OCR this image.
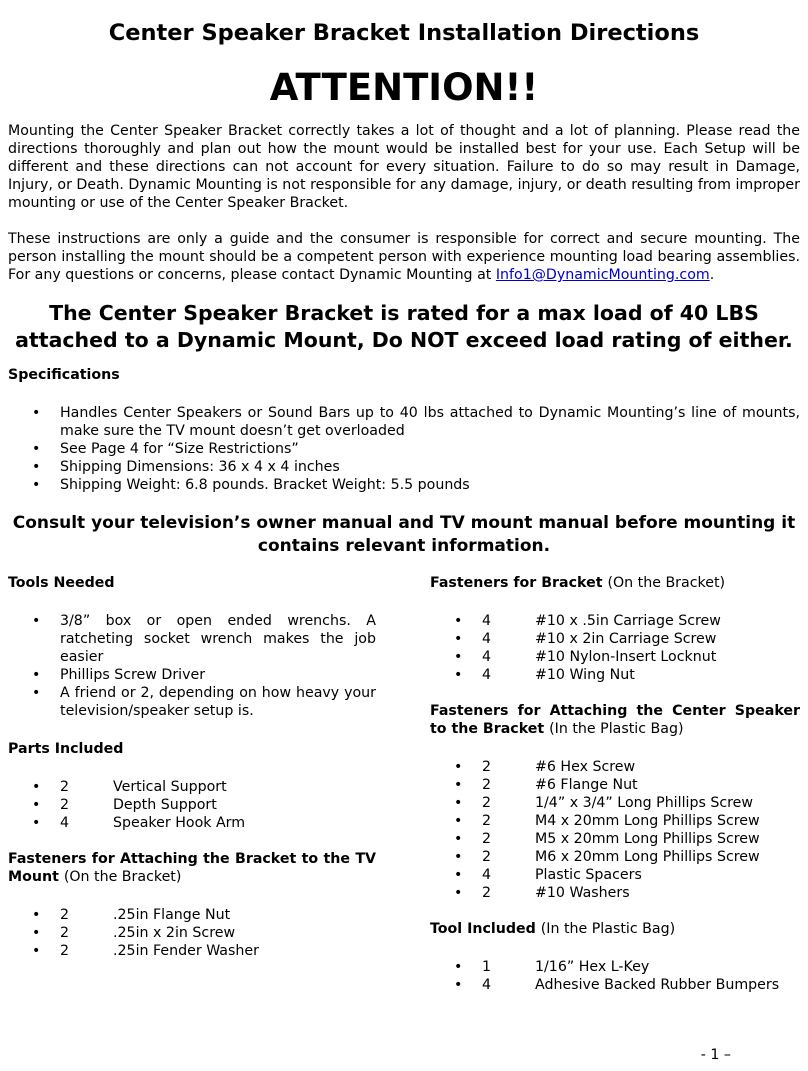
Center Speaker Bracket Installation Directions
ATTENTION!!

Mounting the Center Speaker Bracket correctly takes a lot of thought and a lot of planning. Please read the directions thoroughly and plan out how the mount would be installed best for your use. Each Setup will be different and these directions can not account for every situation. Failure to do so may result in Damage, Injury, or Death. Dynamic Mounting is not responsible for any damage, injury, or death resulting from improper mounting or use of the Center Speaker Bracket.

These instructions are only a guide and the consumer is responsible for correct and secure mounting. The person installing the mount should be a competent person with experience mounting load bearing assemblies. For any questions or concerns, please contact Dynamic Mounting at Info1@DynamicMounting.com.

The Center Speaker Bracket is rated for a max load of 40 LBS attached to a Dynamic Mount, Do NOT exceed load rating of either.
Specifications
• Handles Center Speakers or Sound Bars up to 40 lbs attached to Dynamic Mounting’s line of mounts, make sure the TV mount doesn’t get overloaded
• See Page 4 for “Size Restrictions”
• Shipping Dimensions: 36 x 4 x 4 inches
• Shipping Weight: 6.8 pounds. Bracket Weight: 5.5 pounds
Consult your television’s owner manual and TV mount manual before mounting it contains relevant information.
Tools Needed
• 3/8” box or open ended wrenchs. A ratcheting socket wrench makes the job easier
• Phillips Screw Driver
• A friend or 2, depending on how heavy your television/speaker setup is.
Parts Included
• 2	Vertical Support
• 2	Depth Support
• 4	Speaker Hook Arm
Fasteners for Attaching the Bracket to the TV Mount (On the Bracket)
• 2	.25in Flange Nut
• 2	.25in x 2in Screw
• 2	.25in Fender Washer
Fasteners for Bracket (On the Bracket)
• 4	#10 x .5in Carriage Screw
• 4	#10 x 2in Carriage Screw
• 4	#10 Nylon-Insert Locknut
• 4	#10 Wing Nut
Fasteners for Attaching the Center Speaker to the Bracket (In the Plastic Bag)
• 2	#6 Hex Screw
• 2	#6 Flange Nut
• 2	1/4” x 3/4” Long Phillips Screw
• 2	M4 x 20mm Long Phillips Screw
• 2	M5 x 20mm Long Phillips Screw
• 2	M6 x 20mm Long Phillips Screw
• 4	Plastic Spacers
• 2	#10 Washers
Tool Included (In the Plastic Bag)
• 1	1/16” Hex L-Key
• 4	Adhesive Backed Rubber Bumpers
- 1 –
